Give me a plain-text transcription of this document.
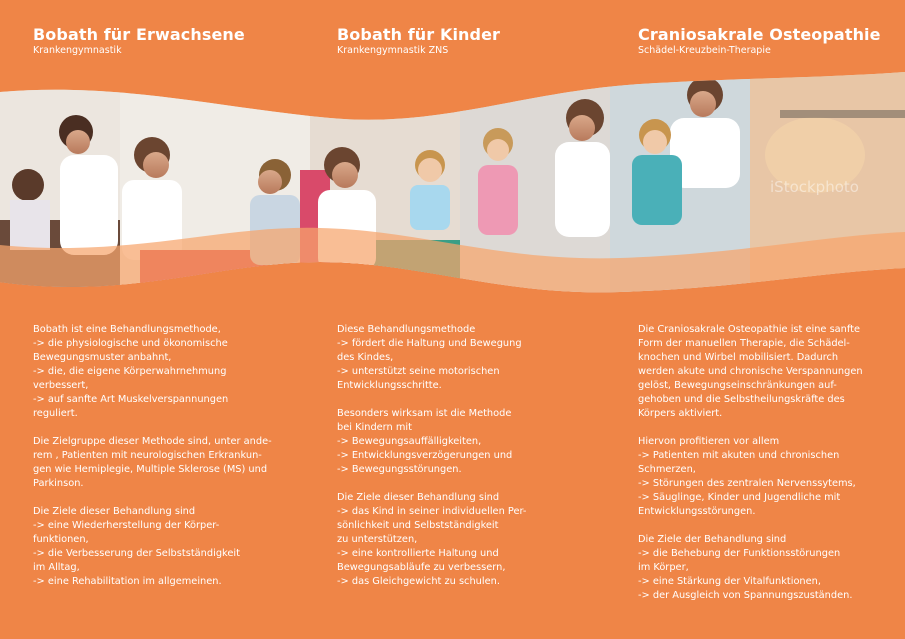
iStockphoto
Bobath für Erwachsene
Krankengymnastik

Bobath ist eine Behandlungsmethode,
-> die physiologische und ökonomische
Bewegungsmuster anbahnt,
-> die, die eigene Körperwahrnehmung
verbessert,
-> auf sanfte Art Muskelverspannungen
reguliert.

Die Zielgruppe dieser Methode sind, unter ande-
rem , Patienten mit neurologischen Erkrankun-
gen wie Hemiplegie, Multiple Sklerose (MS) und
Parkinson.

Die Ziele dieser Behandlung sind
-> eine Wiederherstellung der Körper-
funktionen,
-> die Verbesserung der Selbstständigkeit
im Alltag,
-> eine Rehabilitation im allgemeinen.

Bobath für Kinder
Krankengymnastik ZNS

Diese Behandlungsmethode
-> fördert die Haltung und Bewegung
des Kindes,
-> unterstützt seine motorischen
Entwicklungsschritte.

Besonders wirksam ist die Methode
bei Kindern mit
-> Bewegungsauffälligkeiten,
-> Entwicklungsverzögerungen und
-> Bewegungsstörungen.

Die Ziele dieser Behandlung sind
-> das Kind in seiner individuellen Per-
sönlichkeit und Selbstständigkeit
zu unterstützen,
-> eine kontrollierte Haltung und
Bewegungsabläufe zu verbessern,
-> das Gleichgewicht zu schulen.

Craniosakrale Osteopathie
Schädel-Kreuzbein-Therapie

Die Craniosakrale Osteopathie ist eine sanfte
Form der manuellen Therapie, die Schädel-
knochen und Wirbel mobilisiert. Dadurch
werden akute und chronische Verspannungen
gelöst, Bewegungseinschränkungen auf-
gehoben und die Selbstheilungskräfte des
Körpers aktiviert.

Hiervon profitieren vor allem
-> Patienten mit akuten und chronischen
Schmerzen,
-> Störungen des zentralen Nervenssytems,
-> Säuglinge, Kinder und Jugendliche mit
Entwicklungsstörungen.

Die Ziele der Behandlung sind
-> die Behebung der Funktionsstörungen
im Körper,
-> eine Stärkung der Vitalfunktionen,
-> der Ausgleich von Spannungszuständen.
